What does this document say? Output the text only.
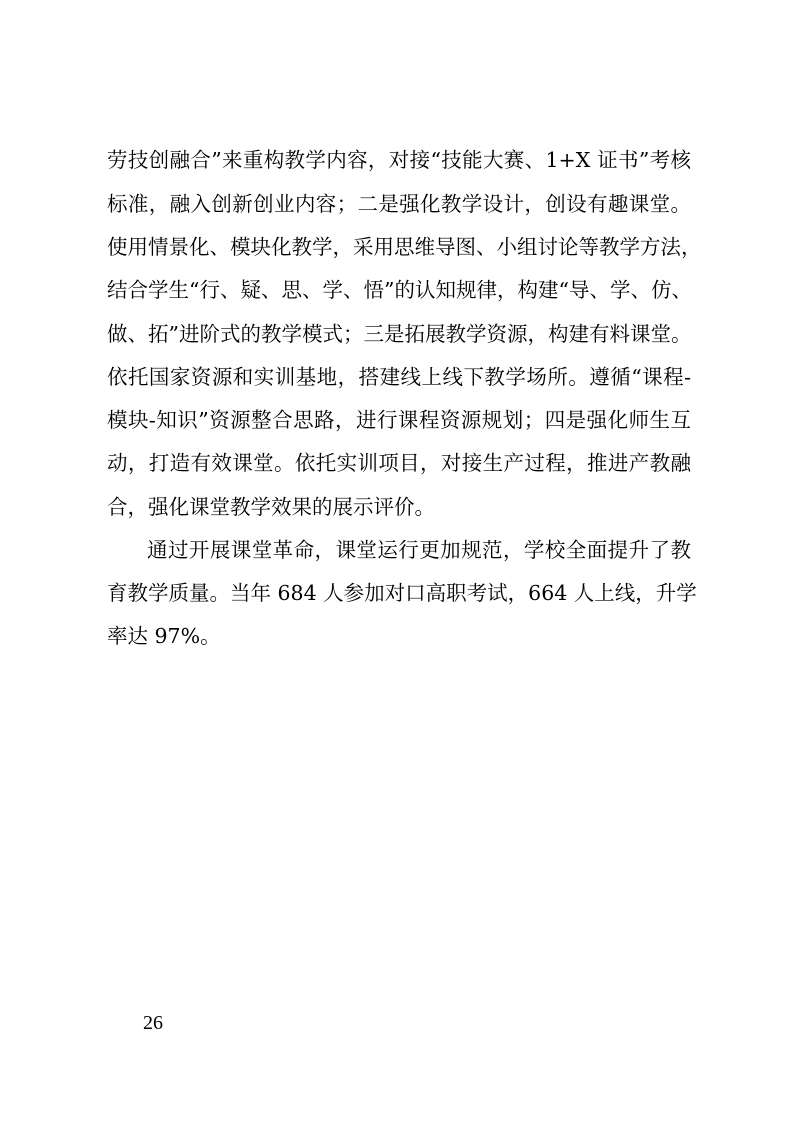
劳技创融合”来重构教学内容，对接“技能大赛、1+X 证书”考核
标准，融入创新创业内容；二是强化教学设计，创设有趣课堂。
使用情景化、模块化教学，采用思维导图、小组讨论等教学方法，
结合学生“行、疑、思、学、悟”的认知规律，构建“导、学、仿、
做、拓”进阶式的教学模式；三是拓展教学资源，构建有料课堂。
依托国家资源和实训基地，搭建线上线下教学场所。遵循“课程-
模块-知识”资源整合思路，进行课程资源规划；四是强化师生互
动，打造有效课堂。依托实训项目，对接生产过程，推进产教融
合，强化课堂教学效果的展示评价。
通过开展课堂革命，课堂运行更加规范，学校全面提升了教
育教学质量。当年 684 人参加对口高职考试，664 人上线，升学
率达 97%。
26
